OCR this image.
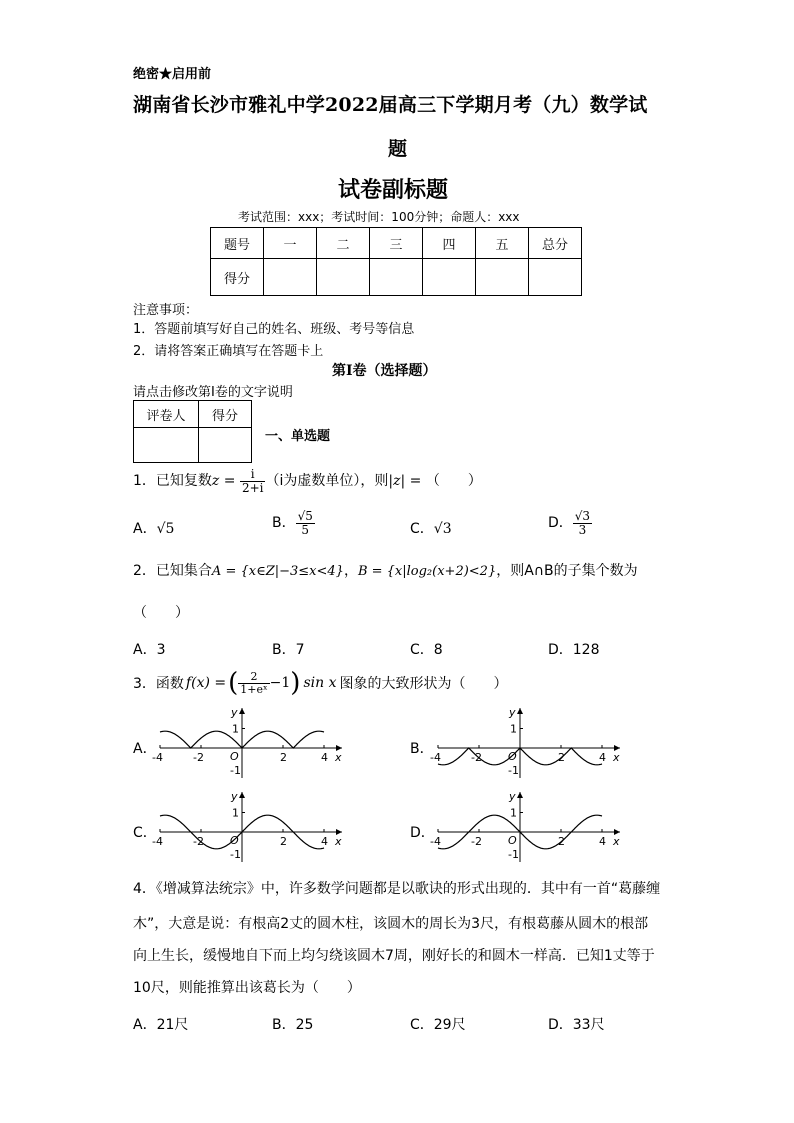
绝密★启用前
湖南省长沙市雅礼中学2022届高三下学期月考（九）数学试
题
试卷副标题
考试范围：xxx；考试时间：100分钟；命题人：xxx
题号	一	二	三	四	五	总分
得分						
注意事项：
1．答题前填写好自己的姓名、班级、考号等信息
2．请将答案正确填写在答题卡上
第I卷（选择题）
请点击修改第I卷的文字说明
评卷人	得分

一、单选题
1．已知复数$z = \frac{i}{2+i} (i$为虚数单位），则|z| = （　　）
A．√5	B． $\frac{√5}{5}$	C．√3	D． $\frac{√3}{3}$
2．已知集合A = {x∈Z|−3≤x<4}，B = {x|log₂(x+2)<2}，则A∩B的子集个数为
（　　）
A．3	B．7	C．8	D．128
3．函数 f(x) = ( $\frac{2}{\text{1+eˣ}} -1$ ) sin x 图象的大致形状为（　　）
A．
y
x
O
1
-1
-4	-2	2	4
B．
y
x
O
1
-1
-4	-2	2	4
C．
y
x
O
1
-1
-4	-2	2	4
D．
y
x
O
1
-1
-4	-2	2	4
4．《增减算法统宗》中，许多数学问题都是以歌诀的形式出现的．其中有一首“葛藤缠
木”，大意是说：有根高2丈的圆木柱，该圆木的周长为3尺，有根葛藤从圆木的根部
向上生长，缓慢地自下而上均匀绕该圆木7周，刚好长的和圆木一样高．已知1丈等于
10尺，则能推算出该葛长为（　　）
A．21尺	B．25	C．29尺	D．33尺
